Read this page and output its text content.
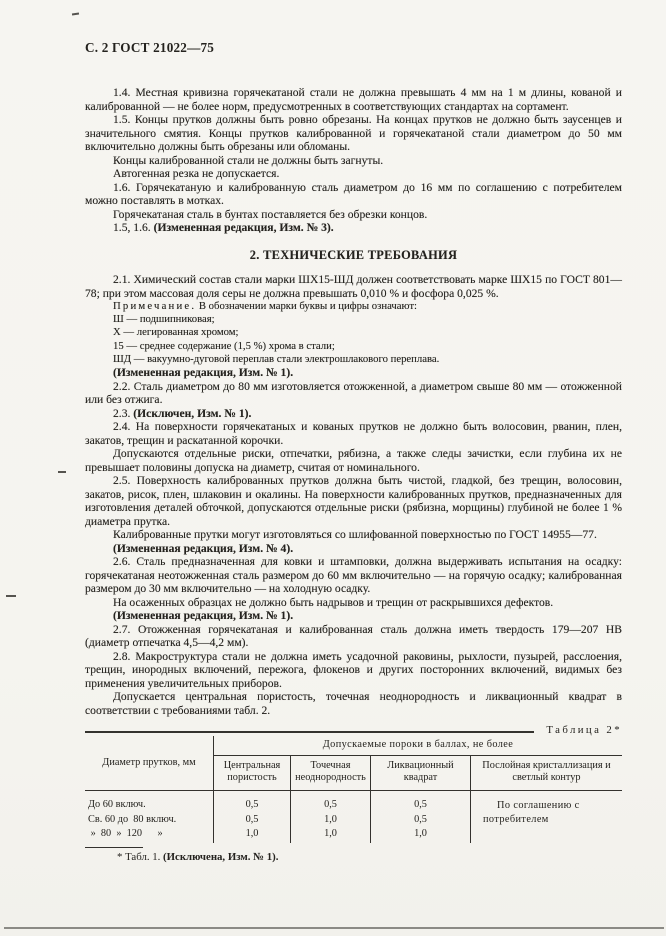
С. 2 ГОСТ 21022—75
1.4. Местная кривизна горячекатаной стали не должна превышать 4 мм на 1 м длины, кованой и калиброванной — не более норм, предусмотренных в соответствующих стандартах на сортамент.
1.5. Концы прутков должны быть ровно обрезаны. На концах прутков не должно быть заусенцев и значительного смятия. Концы прутков калиброванной и горячекатаной стали диаметром до 50 мм включительно должны быть обрезаны или обломаны.
Концы калиброванной стали не должны быть загнуты.
Автогенная резка не допускается.
1.6. Горячекатаную и калиброванную сталь диаметром до 16 мм по соглашению с потребителем можно поставлять в мотках.
Горячекатаная сталь в бунтах поставляется без обрезки концов.
1.5, 1.6. (Измененная редакция, Изм. № 3).
2. ТЕХНИЧЕСКИЕ ТРЕБОВАНИЯ
2.1. Химический состав стали марки ШХ15-ШД должен соответствовать марке ШХ15 по ГОСТ 801—78; при этом массовая доля серы не должна превышать 0,010 % и фосфора 0,025 %.
Примечание. В обозначении марки буквы и цифры означают:
Ш — подшипниковая;
Х — легированная хромом;
15 — среднее содержание (1,5 %) хрома в стали;
ШД — вакуумно-дуговой переплав стали электрошлакового переплава.
(Измененная редакция, Изм. № 1).
2.2. Сталь диаметром до 80 мм изготовляется отожженной, а диаметром свыше 80 мм — отожженной или без отжига.
2.3. (Исключен, Изм. № 1).
2.4. На поверхности горячекатаных и кованых прутков не должно быть волосовин, рванин, плен, закатов, трещин и раскатанной корочки.
Допускаются отдельные риски, отпечатки, рябизна, а также следы зачистки, если глубина их не превышает половины допуска на диаметр, считая от номинального.
2.5. Поверхность калиброванных прутков должна быть чистой, гладкой, без трещин, волосовин, закатов, рисок, плен, шлаковин и окалины. На поверхности калиброванных прутков, предназначенных для изготовления деталей обточкой, допускаются отдельные риски (рябизна, морщины) глубиной не более 1 % диаметра прутка.
Калиброванные прутки могут изготовляться со шлифованной поверхностью по ГОСТ 14955—77.
(Измененная редакция, Изм. № 4).
2.6. Сталь предназначенная для ковки и штамповки, должна выдерживать испытания на осадку: горячекатаная неотожженная сталь размером до 60 мм включительно — на горячую осадку; калиброванная размером до 30 мм включительно — на холодную осадку.
На осаженных образцах не должно быть надрывов и трещин от раскрывшихся дефектов.
(Измененная редакция, Изм. № 1).
2.7. Отожженная горячекатаная и калиброванная сталь должна иметь твердость 179—207 НВ (диаметр отпечатка 4,5—4,2 мм).
2.8. Макроструктура стали не должна иметь усадочной раковины, рыхлости, пузырей, расслоения, трещин, инородных включений, пережога, флокенов и других посторонних включений, видимых без применения увеличительных приборов.
Допускается центральная пористость, точечная неоднородность и ликвационный квадрат в соответствии с требованиями табл. 2.
Таблица 2*
Диаметр прутков, мм
Допускаемые пороки в баллах, не более
Центральная пористость
Точечная неоднородность
Ликвационный квадрат
Послойная кристаллизация и светлый контур
До 60 включ.
Св. 60 до  80 включ.
»  80  »  120      »
0,5
0,5
1,0
0,5
1,0
1,0
0,5
0,5
1,0
По соглашению с потребителем
* Табл. 1. (Исключена, Изм. № 1).
